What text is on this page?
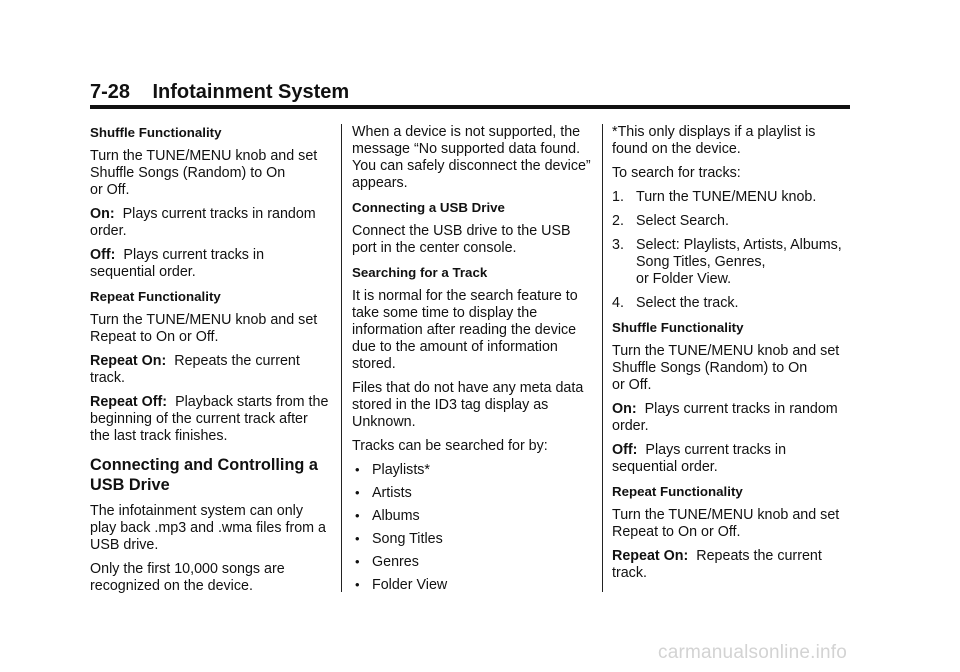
7-28 Infotainment System
Shuffle Functionality

Turn the TUNE/MENU knob and set
Shuffle Songs (Random) to On
or Off.

On: Plays current tracks in random order.

Off: Plays current tracks in sequential order.

Repeat Functionality

Turn the TUNE/MENU knob and set Repeat to On or Off.

Repeat On: Repeats the current track.

Repeat Off: Playback starts from the beginning of the current track after the last track finishes.

Connecting and Controlling a USB Drive

The infotainment system can only play back .mp3 and .wma files from a USB drive.

Only the first 10,000 songs are recognized on the device.

When a device is not supported, the message “No supported data found. You can safely disconnect the device” appears.

Connecting a USB Drive

Connect the USB drive to the USB port in the center console.

Searching for a Track

It is normal for the search feature to take some time to display the information after reading the device due to the amount of information stored.

Files that do not have any meta data stored in the ID3 tag display as Unknown.

Tracks can be searched for by:

• Playlists*
• Artists
• Albums
• Song Titles
• Genres
• Folder View

*This only displays if a playlist is found on the device.

To search for tracks:

1. Turn the TUNE/MENU knob.
2. Select Search.
3. Select: Playlists, Artists, Albums,
Song Titles, Genres,
or Folder View.
4. Select the track.
Shuffle Functionality

Turn the TUNE/MENU knob and set
Shuffle Songs (Random) to On
or Off.

On: Plays current tracks in random order.

Off: Plays current tracks in sequential order.

Repeat Functionality

Turn the TUNE/MENU knob and set Repeat to On or Off.

Repeat On: Repeats the current track.

carmanualsonline.info
